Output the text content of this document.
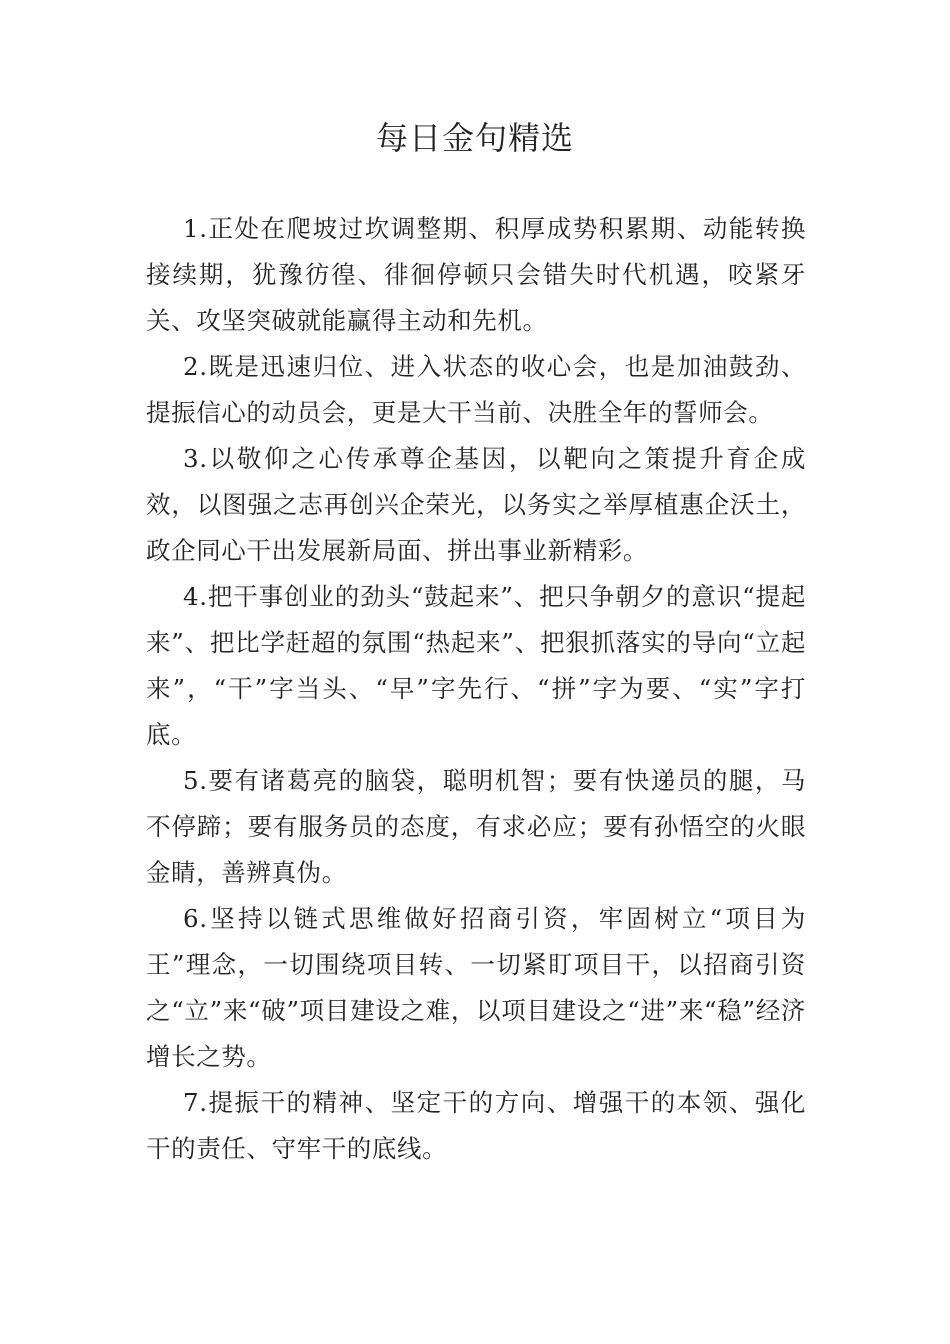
每日金句精选

1.正处在爬坡过坎调整期、积厚成势积累期、动能转换接续期，犹豫彷徨、徘徊停顿只会错失时代机遇，咬紧牙关、攻坚突破就能赢得主动和先机。

2.既是迅速归位、进入状态的收心会，也是加油鼓劲、提振信心的动员会，更是大干当前、决胜全年的誓师会。

3.以敬仰之心传承尊企基因，以靶向之策提升育企成效，以图强之志再创兴企荣光，以务实之举厚植惠企沃土，政企同心干出发展新局面、拼出事业新精彩。

4.把干事创业的劲头“鼓起来”、把只争朝夕的意识“提起来”、把比学赶超的氛围“热起来”、把狠抓落实的导向“立起来”，“干”字当头、“早”字先行、“拼”字为要、“实”字打底。

5.要有诸葛亮的脑袋，聪明机智；要有快递员的腿，马不停蹄；要有服务员的态度，有求必应；要有孙悟空的火眼金睛，善辨真伪。

6.坚持以链式思维做好招商引资，牢固树立“项目为王”理念，一切围绕项目转、一切紧盯项目干，以招商引资之“立”来“破”项目建设之难，以项目建设之“进”来“稳”经济增长之势。

7.提振干的精神、坚定干的方向、增强干的本领、强化干的责任、守牢干的底线。
